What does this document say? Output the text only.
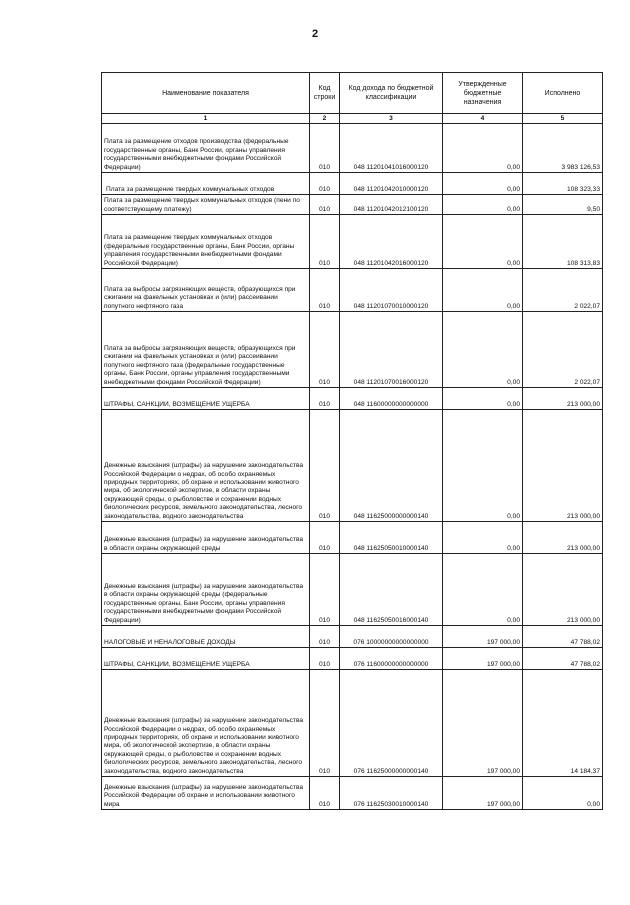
2
Наименование показателя	Код строки	Код дохода по бюджетной классификации	Утвержденные бюджетные назначения	Исполнено
1	2	3	4	5
Плата за размещение отходов производства (федеральные государственные органы, Банк России, органы управления государственными внебюджетными фондами Российской Федерации)	010	048 11201041016000120	0,00	3 983 126,53

Плата за размещение твердых коммунальных отходов	010	048 11201042010000120	0,00	108 323,33
Плата за размещение твердых коммунальных отходов (пени по соответствующему платежу)	010	048 11201042012100120	0,00	9,50
Плата за размещение твердых коммунальных отходов (федеральные государственные органы, Банк России, органы управления государственными внебюджетными фондами Российской Федерации)	010	048 11201042016000120	0,00	108 313,83
Плата за выбросы загрязняющих веществ, образующихся при сжигании на факельных установках и (или) рассеивании попутного нефтяного газа	010	048 11201070010000120	0,00	2 022,07
Плата за выбросы загрязняющих веществ, образующихся при сжигании на факельных установках и (или) рассеивании попутного нефтяного газа (федеральные государственные органы, Банк России, органы управления государственными внебюджетными фондами Российской Федерации)	010	048 11201070016000120	0,00	2 022,07
ШТРАФЫ, САНКЦИИ, ВОЗМЕЩЕНИЕ УЩЕРБА	010	048 11600000000000000	0,00	213 000,00
Денежные взыскания (штрафы) за нарушение законодательства Российской Федерации о недрах, об особо охраняемых природных территориях, об охране и использовании животного мира, об экологической экспертизе, в области охраны окружающей среды, о рыболовстве и сохранении водных биологических ресурсов, земельного законодательства, лесного законодательства, водного законодательства	010	048 11625000000000140	0,00	213 000,00
Денежные взыскания (штрафы) за нарушение законодательства в области охраны окружающей среды	010	048 11625050010000140	0,00	213 000,00
Денежные взыскания (штрафы) за нарушение законодательства в области охраны окружающей среды (федеральные государственные органы, Банк России, органы управления государственными внебюджетными фондами Российской Федерации)	010	048 11625050016000140	0,00	213 000,00
НАЛОГОВЫЕ И НЕНАЛОГОВЫЕ ДОХОДЫ	010	076 10000000000000000	197 000,00	47 788,02
ШТРАФЫ, САНКЦИИ, ВОЗМЕЩЕНИЕ УЩЕРБА	010	076 11600000000000000	197 000,00	47 788,02
Денежные взыскания (штрафы) за нарушение законодательства Российской Федерации о недрах, об особо охраняемых природных территориях, об охране и использовании животного мира, об экологической экспертизе, в области охраны окружающей среды, о рыболовстве и сохранении водных биологических ресурсов, земельного законодательства, лесного законодательства, водного законодательства	010	076 11625000000000140	197 000,00	14 184,37
Денежные взыскания (штрафы) за нарушение законодательства Российской Федерации об охране и использовании животного мира	010	076 11625030010000140	197 000,00	0,00
